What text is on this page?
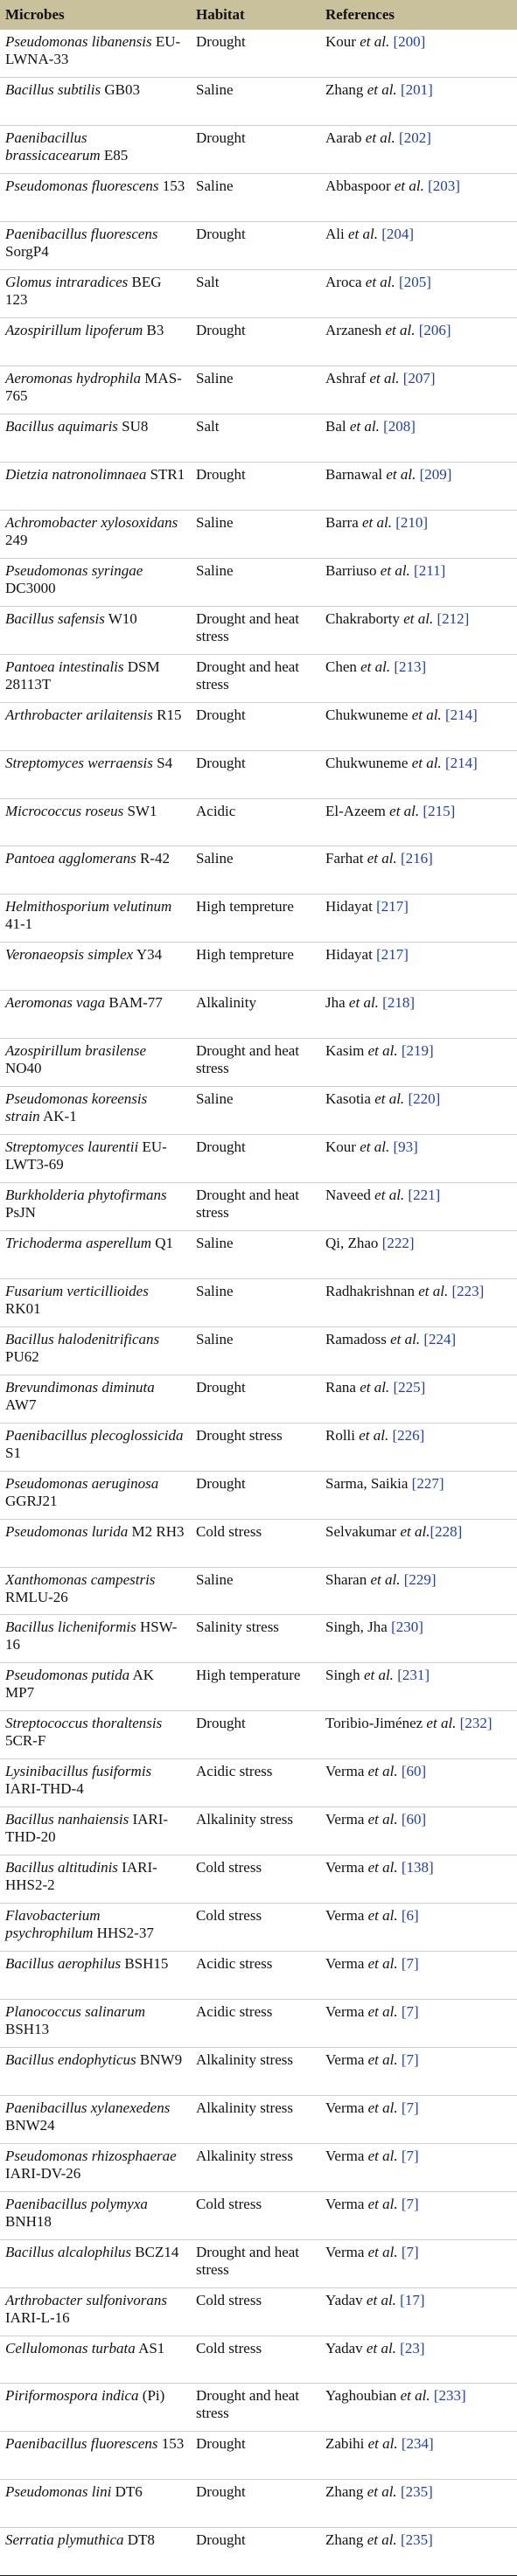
Microbes	Habitat	References

Pseudomonas libanensis EU-LWNA-33	Drought	Kour et al. [200]

Bacillus subtilis GB03	Saline	Zhang et al. [201]

Paenibacillus brassicacearum E85	Drought	Aarab et al. [202]

Pseudomonas fluorescens 153	Saline	Abbaspoor et al. [203]

Paenibacillus fluorescens SorgP4	Drought	Ali et al. [204]

Glomus intraradices BEG 123	Salt	Aroca et al. [205]

Azospirillum lipoferum B3	Drought	Arzanesh et al. [206]

Aeromonas hydrophila MAS-765	Saline	Ashraf et al. [207]

Bacillus aquimaris SU8	Salt	Bal et al. [208]

Dietzia natronolimnaea STR1	Drought	Barnawal et al. [209]

Achromobacter xylosoxidans 249	Saline	Barra et al. [210]

Pseudomonas syringae DC3000	Saline	Barriuso et al. [211]

Bacillus safensis W10	Drought and heat stress	Chakraborty et al. [212]

Pantoea intestinalis DSM 28113T	Drought and heat stress	Chen et al. [213]

Arthrobacter arilaitensis R15	Drought	Chukwuneme et al. [214]

Streptomyces werraensis S4	Drought	Chukwuneme et al. [214]

Micrococcus roseus SW1	Acidic	El-Azeem et al. [215]

Pantoea agglomerans R-42	Saline	Farhat et al. [216]

Helmithosporium velutinum 41-1	High tempreture	Hidayat [217]

Veronaeopsis simplex Y34	High tempreture	Hidayat [217]

Aeromonas vaga BAM-77	Alkalinity	Jha et al. [218]

Azospirillum brasilense NO40	Drought and heat stress	Kasim et al. [219]

Pseudomonas koreensis strain AK-1	Saline	Kasotia et al. [220]

Streptomyces laurentii EU-LWT3-69	Drought	Kour et al. [93]

Burkholderia phytofirmans PsJN	Drought and heat stress	Naveed et al. [221]

Trichoderma asperellum Q1	Saline	Qi, Zhao [222]

Fusarium verticillioides RK01	Saline	Radhakrishnan et al. [223]

Bacillus halodenitrificans PU62	Saline	Ramadoss et al. [224]

Brevundimonas diminuta AW7	Drought	Rana et al. [225]

Paenibacillus plecoglossicida S1	Drought stress	Rolli et al. [226]

Pseudomonas aeruginosa GGRJ21	Drought	Sarma, Saikia [227]

Pseudomonas lurida M2 RH3	Cold stress	Selvakumar et al.[228]

Xanthomonas campestris RMLU-26	Saline	Sharan et al. [229]

Bacillus licheniformis HSW-16	Salinity stress	Singh, Jha [230]

Pseudomonas putida AK MP7	High temperature	Singh et al. [231]

Streptococcus thoraltensis 5CR-F	Drought	Toribio-Jiménez et al. [232]

Lysinibacillus fusiformis IARI-THD-4	Acidic stress	Verma et al. [60]

Bacillus nanhaiensis IARI-THD-20	Alkalinity stress	Verma et al. [60]

Bacillus altitudinis IARI-HHS2-2	Cold stress	Verma et al. [138]

Flavobacterium psychrophilum HHS2-37	Cold stress	Verma et al. [6]

Bacillus aerophilus BSH15	Acidic stress	Verma et al. [7]

Planococcus salinarum BSH13	Acidic stress	Verma et al. [7]

Bacillus endophyticus BNW9	Alkalinity stress	Verma et al. [7]

Paenibacillus xylanexedens BNW24	Alkalinity stress	Verma et al. [7]

Pseudomonas rhizosphaerae IARI-DV-26	Alkalinity stress	Verma et al. [7]

Paenibacillus polymyxa BNH18	Cold stress	Verma et al. [7]

Bacillus alcalophilus BCZ14	Drought and heat stress	Verma et al. [7]

Arthrobacter sulfonivorans IARI-L-16	Cold stress	Yadav et al. [17]

Cellulomonas turbata AS1	Cold stress	Yadav et al. [23]

Piriformospora indica (Pi)	Drought and heat stress	Yaghoubian et al. [233]

Paenibacillus fluorescens 153	Drought	Zabihi et al. [234]

Pseudomonas lini DT6	Drought	Zhang et al. [235]

Serratia plymuthica DT8	Drought	Zhang et al. [235]
